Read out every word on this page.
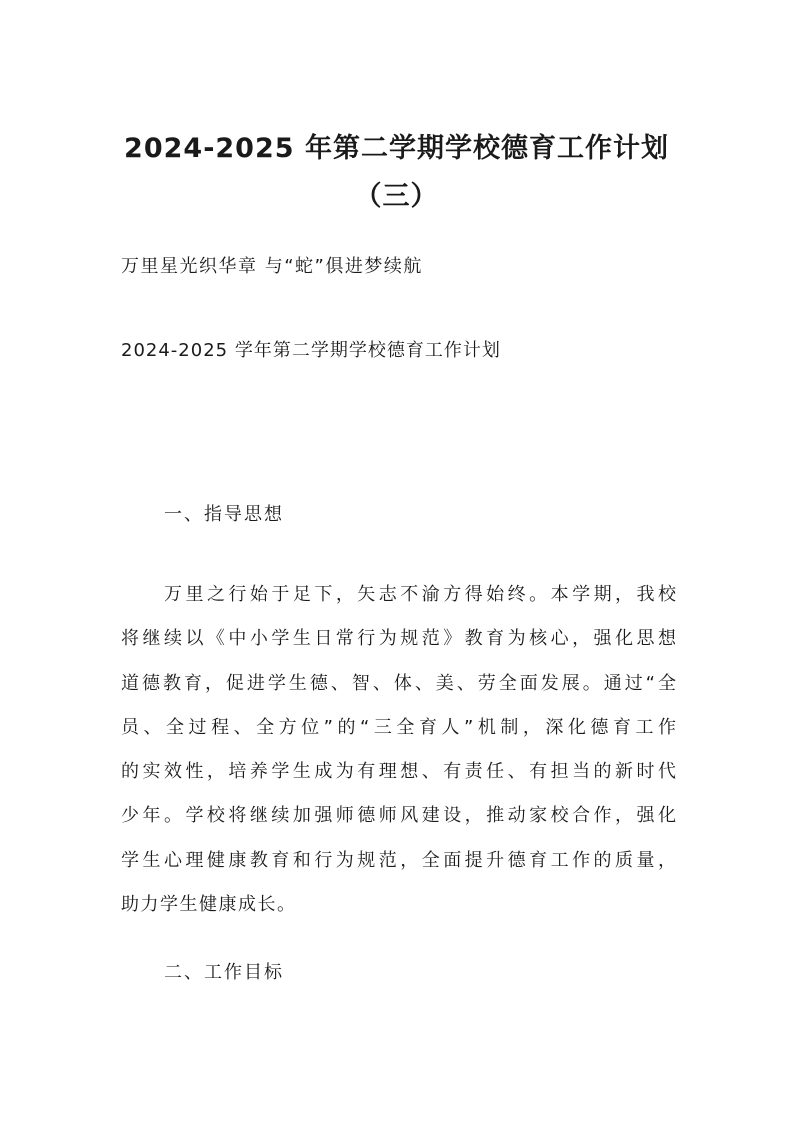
2024-2025 年第二学期学校德育工作计划
（三）
万里星光织华章 与“蛇”俱进梦续航
2024-2025 学年第二学期学校德育工作计划
一、指导思想
万里之行始于足下，矢志不渝方得始终。本学期，我校
将继续以《中小学生日常行为规范》教育为核心，强化思想
道德教育，促进学生德、智、体、美、劳全面发展。通过“全
员、全过程、全方位”的“三全育人”机制，深化德育工作
的实效性，培养学生成为有理想、有责任、有担当的新时代
少年。学校将继续加强师德师风建设，推动家校合作，强化
学生心理健康教育和行为规范，全面提升德育工作的质量，
助力学生健康成长。
二、工作目标
